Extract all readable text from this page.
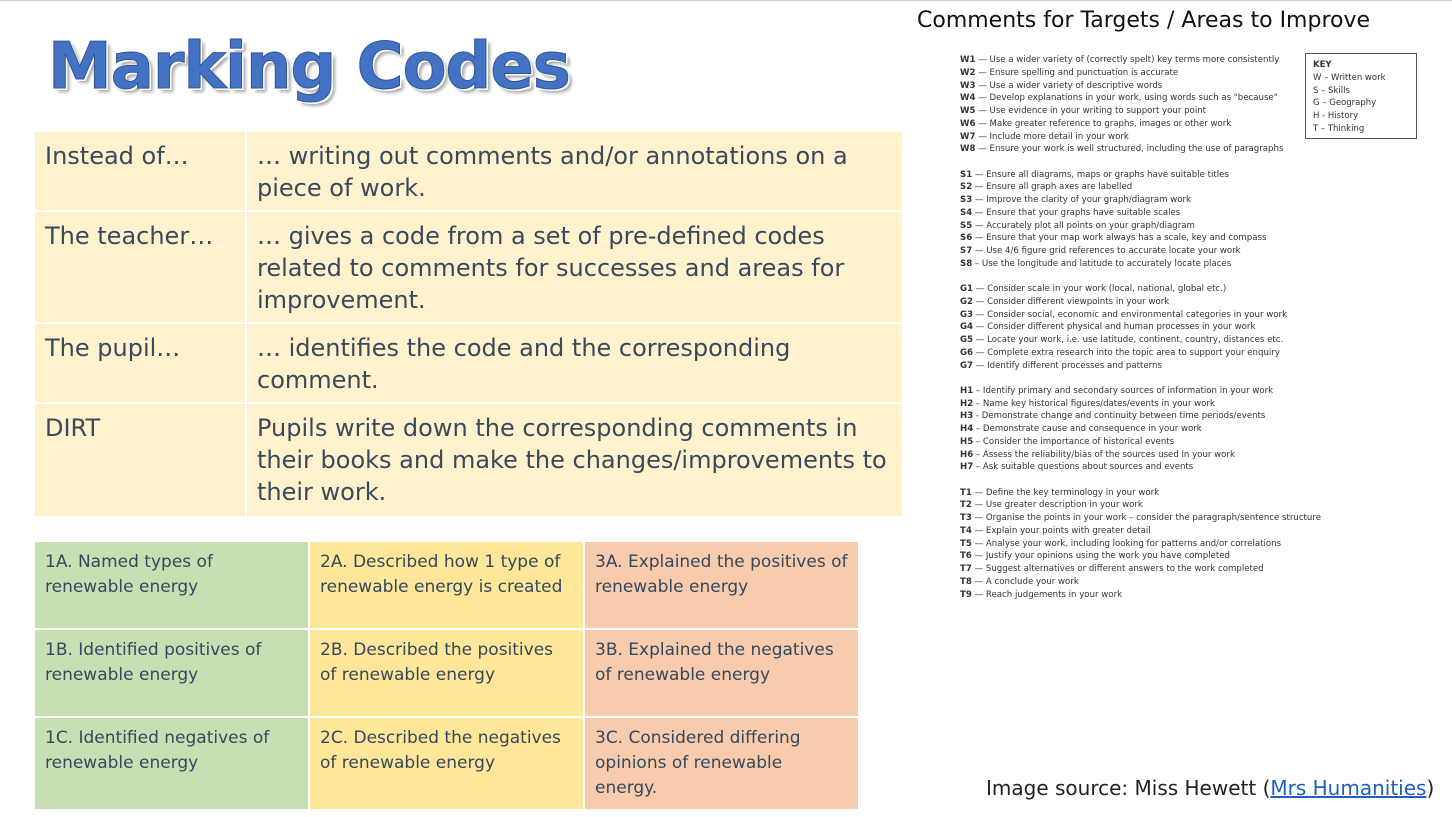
Marking Codes
Instead of…	… writing out comments and/or annotations on a piece of work.
The teacher…	… gives a code from a set of pre-defined codes related to comments for successes and areas for improvement.
The pupil…	… identifies the code and the corresponding comment.
DIRT	Pupils write down the corresponding comments in their books and make the changes/improvements to their work.
1A. Named types of renewable energy	2A. Described how 1 type of renewable energy is created	3A. Explained the positives of renewable energy
1B. Identified positives of renewable energy	2B. Described the positives of renewable energy	3B. Explained the negatives of renewable energy
1C. Identified negatives of renewable energy	2C. Described the negatives of renewable energy	3C. Considered differing opinions of renewable energy.
Comments for Targets / Areas to Improve
W1 — Use a wider variety of (correctly spelt) key terms more consistently
W2 — Ensure spelling and punctuation is accurate
W3 — Use a wider variety of descriptive words
W4 — Develop explanations in your work, using words such as "because"
W5 — Use evidence in your writing to support your point
W6 — Make greater reference to graphs, images or other work
W7 — Include more detail in your work
W8 — Ensure your work is well structured, including the use of paragraphs
S1 — Ensure all diagrams, maps or graphs have suitable titles
S2 — Ensure all graph axes are labelled
S3 — Improve the clarity of your graph/diagram work
S4 — Ensure that your graphs have suitable scales
S5 — Accurately plot all points on your graph/diagram
S6 — Ensure that your map work always has a scale, key and compass
S7 — Use 4/6 figure grid references to accurate locate your work
S8 – Use the longitude and latitude to accurately locate places
G1 — Consider scale in your work (local, national, global etc.)
G2 — Consider different viewpoints in your work
G3 — Consider social, economic and environmental categories in your work
G4 — Consider different physical and human processes in your work
G5 — Locate your work, i.e. use latitude, continent, country, distances etc.
G6 — Complete extra research into the topic area to support your enquiry
G7 — Identify different processes and patterns
H1 – Identify primary and secondary sources of information in your work
H2 – Name key historical figures/dates/events in your work
H3 - Demonstrate change and continuity between time periods/events
H4 – Demonstrate cause and consequence in your work
H5 – Consider the importance of historical events
H6 – Assess the reliability/bias of the sources used in your work
H7 – Ask suitable questions about sources and events
T1 — Define the key terminology in your work
T2 — Use greater description in your work
T3 — Organise the points in your work – consider the paragraph/sentence structure
T4 — Explain your points with greater detail
T5 — Analyse your work, including looking for patterns and/or correlations
T6 — Justify your opinions using the work you have completed
T7 — Suggest alternatives or different answers to the work completed
T8 — A conclude your work
T9 — Reach judgements in your work
KEY
W – Written work
S – Skills
G – Geography
H - History
T – Thinking
Image source: Miss Hewett (Mrs Humanities)
